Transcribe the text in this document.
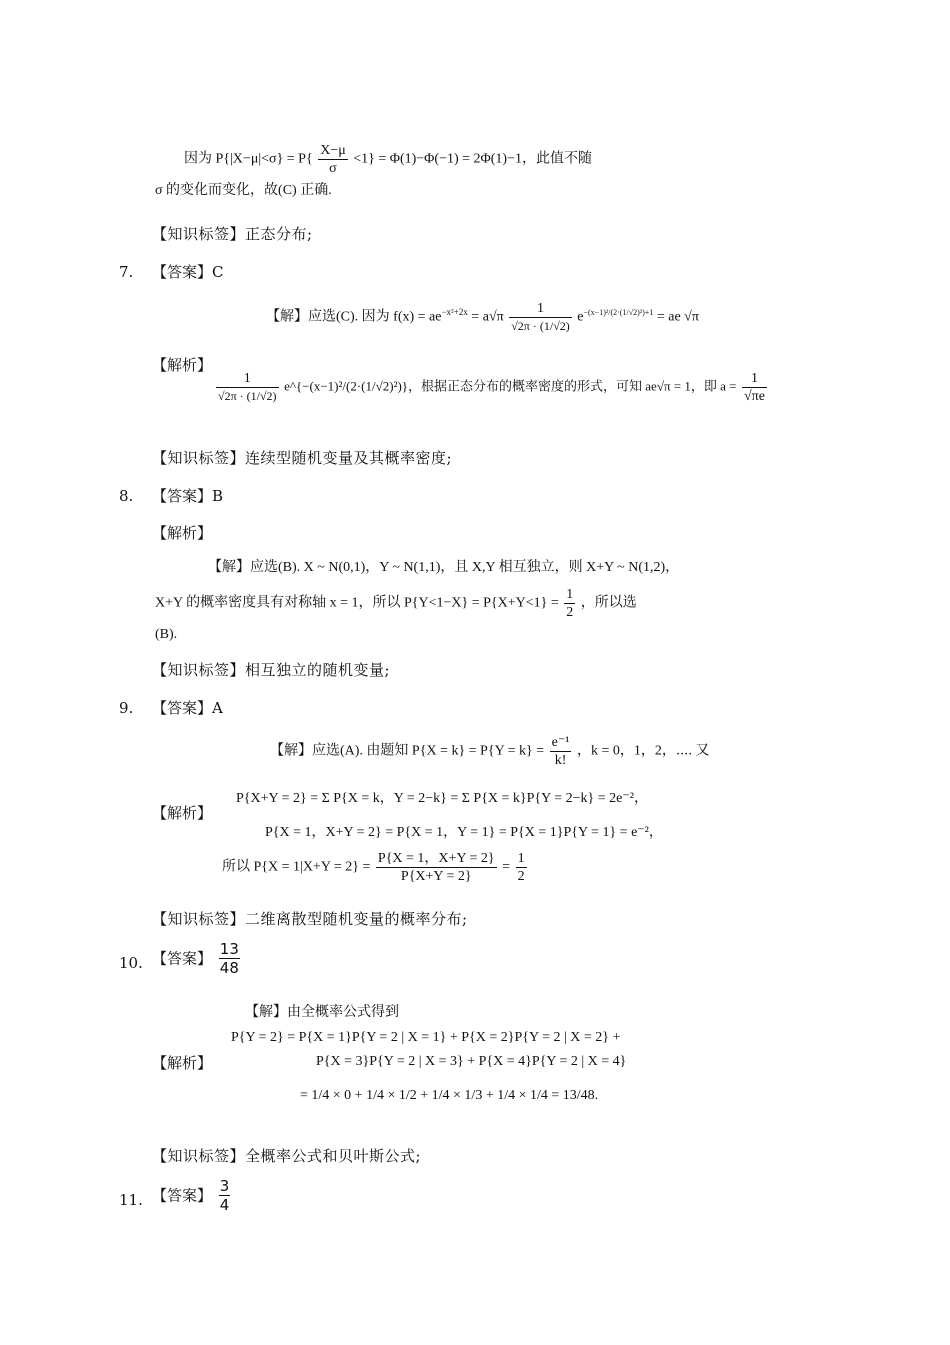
因为 $P\{|X-\mu|<\sigma\} = P\{ \frac{X-\mu}{\sigma} <1\} = \Phi(1)-\Phi(-1) = 2\Phi(1)-1$，此值不随
σ 的变化而变化，故(C) 正确.
【知识标签】正态分布;
7. 【答案】C
【解】应选(C). 因为 $f(x) = ae^{-x^2+2x} = a√\pi \frac{1}{√2\pi \cdot (1/√2)} e^{-(x-1)^2/(2\cdot(1/√2)^2)+1}$ = ae √π
【解析】
$\frac{1}{√2\pi \cdot (1/√2)}$ e^{−(x−1)²/(2·(1/√2)²)}，根据正态分布的概率密度的形式，可知 ae√π = 1，即 $a = \frac{1}{√\pi e}$
【知识标签】连续型随机变量及其概率密度;
8. 【答案】B
【解析】
【解】应选(B). X ~ N(0,1)，Y ~ N(1,1)，且 X,Y 相互独立，则 X+Y ~ N(1,2)，
X+Y 的概率密度具有对称轴 x = 1，所以 $P\{Y<1-X\} = P\{X+Y<1\} = \frac{1}{2}$ ，所以选
(B).
【知识标签】相互独立的随机变量;
9. 【答案】A
【解】应选(A). 由题知 $P\{X = k\} = P\{Y = k\} = \frac{\text{e⁻¹}}{k!}$ ，k = 0，1，2，⋯. 又
【解析】
P{X+Y = 2} = Σ P{X = k，Y = 2−k} = Σ P{X = k}P{Y = 2−k} = 2e⁻²，
P{X = 1，X+Y = 2} = P{X = 1，Y = 1} = P{X = 1}P{Y = 1} = e⁻²，
所以 $P\{X = 1|X+Y = 2\} = \frac{P\{X = 1,X+Y = 2\}}{P\{X+Y = 2\}} = \frac{1}{2}$
【知识标签】二维离散型随机变量的概率分布;
10. 【答案】 $\frac{13}{48}$
【解】由全概率公式得到
P{Y = 2} = P{X = 1}P{Y = 2 | X = 1} + P{X = 2}P{Y = 2 | X = 2} +
【解析】	P{X = 3}P{Y = 2 | X = 3} + P{X = 4}P{Y = 2 | X = 4}
= 1/4 × 0 + 1/4 × 1/2 + 1/4 × 1/3 + 1/4 × 1/4 = 13/48.
【知识标签】全概率公式和贝叶斯公式;
11. 【答案】 $\frac{3}{4}$
